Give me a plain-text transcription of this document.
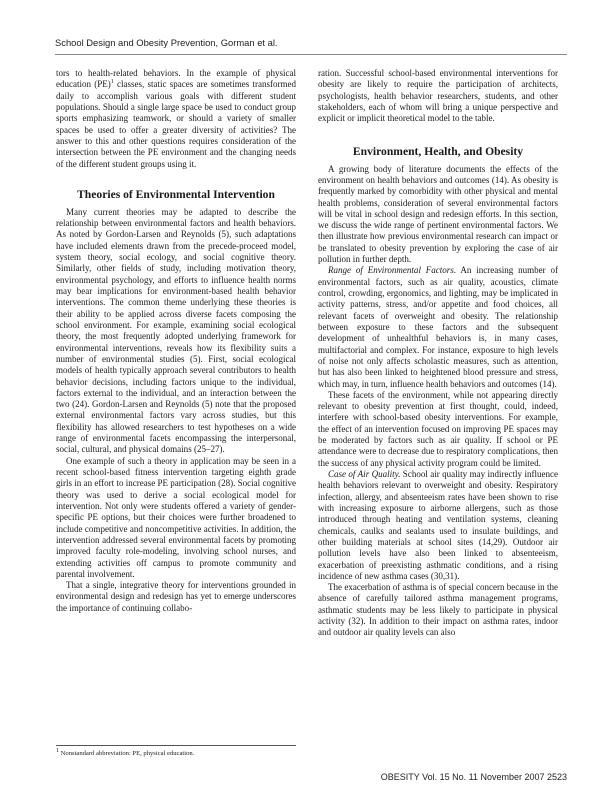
School Design and Obesity Prevention, Gorman et al.

tors to health-related behaviors. In the example of physical education (PE)$^1$ classes, static spaces are sometimes transformed daily to accomplish various goals with different student populations. Should a single large space be used to conduct group sports emphasizing teamwork, or should a variety of smaller spaces be used to offer a greater diversity of activities? The answer to this and other questions requires consideration of the intersection between the PE environment and the changing needs of the different student groups using it.

Theories of Environmental Intervention

Many current theories may be adapted to describe the relationship between environmental factors and health behaviors. As noted by Gordon-Larsen and Reynolds (5), such adaptations have included elements drawn from the precede-proceed model, system theory, social ecology, and social cognitive theory. Similarly, other fields of study, including motivation theory, environmental psychology, and efforts to influence health norms may bear implications for environment-based health behavior interventions. The common theme underlying these theories is their ability to be applied across diverse facets composing the school environment. For example, examining social ecological theory, the most frequently adopted underlying framework for environmental interventions, reveals how its flexibility suits a number of environmental studies (5). First, social ecological models of health typically approach several contributors to health behavior decisions, including factors unique to the individual, factors external to the individual, and an interaction between the two (24). Gordon-Larsen and Reynolds (5) note that the proposed external environmental factors vary across studies, but this flexibility has allowed researchers to test hypotheses on a wide range of environmental facets encompassing the interpersonal, social, cultural, and physical domains (25–27).

One example of such a theory in application may be seen in a recent school-based fitness intervention targeting eighth grade girls in an effort to increase PE participation (28). Social cognitive theory was used to derive a social ecological model for intervention. Not only were students offered a variety of gender-specific PE options, but their choices were further broadened to include competitive and noncompetitive activities. In addition, the intervention addressed several environmental facets by promoting improved faculty role-modeling, involving school nurses, and extending activities off campus to promote community and parental involvement.

That a single, integrative theory for interventions grounded in environmental design and redesign has yet to emerge underscores the importance of continuing collabo-

ration. Successful school-based environmental interventions for obesity are likely to require the participation of architects, psychologists, health behavior researchers, students, and other stakeholders, each of whom will bring a unique perspective and explicit or implicit theoretical model to the table.

Environment, Health, and Obesity

A growing body of literature documents the effects of the environment on health behaviors and outcomes (14). As obesity is frequently marked by comorbidity with other physical and mental health problems, consideration of several environmental factors will be vital in school design and redesign efforts. In this section, we discuss the wide range of pertinent environmental factors. We then illustrate how previous environmental research can impact or be translated to obesity prevention by exploring the case of air pollution in further depth.

Range of Environmental Factors. An increasing number of environmental factors, such as air quality, acoustics, climate control, crowding, ergonomics, and lighting, may be implicated in activity patterns, stress, and/or appetite and food choices, all relevant facets of overweight and obesity. The relationship between exposure to these factors and the subsequent development of unhealthful behaviors is, in many cases, multifactorial and complex. For instance, exposure to high levels of noise not only affects scholastic measures, such as attention, but has also been linked to heightened blood pressure and stress, which may, in turn, influence health behaviors and outcomes (14).

These facets of the environment, while not appearing directly relevant to obesity prevention at first thought, could, indeed, interfere with school-based obesity interventions. For example, the effect of an intervention focused on improving PE spaces may be moderated by factors such as air quality. If school or PE attendance were to decrease due to respiratory complications, then the success of any physical activity program could be limited.

Case of Air Quality. School air quality may indirectly influence health behaviors relevant to overweight and obesity. Respiratory infection, allergy, and absenteeism rates have been shown to rise with increasing exposure to airborne allergens, such as those introduced through heating and ventilation systems, cleaning chemicals, caulks and sealants used to insulate buildings, and other building materials at school sites (14,29). Outdoor air pollution levels have also been linked to absenteeism, exacerbation of preexisting asthmatic conditions, and a rising incidence of new asthma cases (30,31).

The exacerbation of asthma is of special concern because in the absence of carefully tailored asthma management programs, asthmatic students may be less likely to participate in physical activity (32). In addition to their impact on asthma rates, indoor and outdoor air quality levels can also

$^1$ Nonstandard abbreviation: PE, physical education.
OBESITY Vol. 15 No. 11 November 2007 2523
